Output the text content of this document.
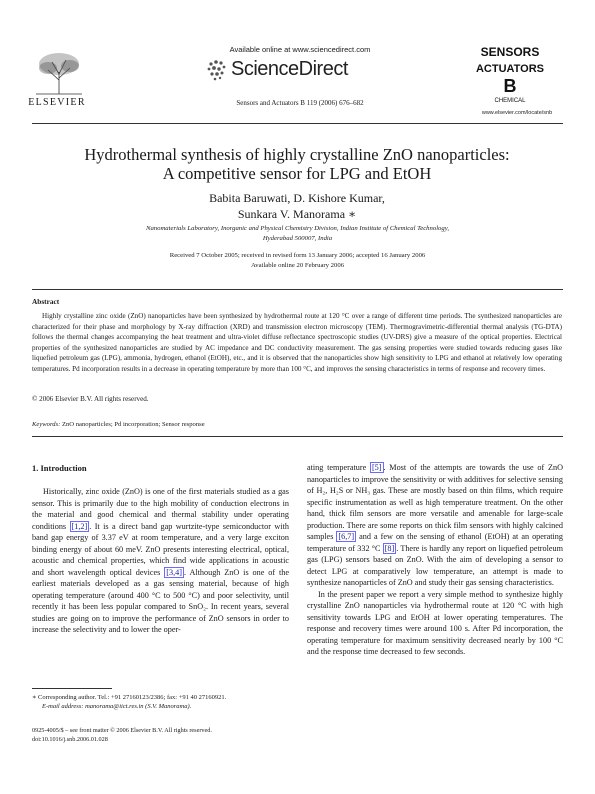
Available online at www.sciencedirect.com
ScienceDirect
Sensors and Actuators B 119 (2006) 676–682
ELSEVIER
SENSORS
ACTUATORS
B
CHEMICAL
www.elsevier.com/locate/snb
Hydrothermal synthesis of highly crystalline ZnO nanoparticles:
A competitive sensor for LPG and EtOH
Babita Baruwati, D. Kishore Kumar,
Sunkara V. Manorama ∗
Nanomaterials Laboratory, Inorganic and Physical Chemistry Division, Indian Institute of Chemical Technology,
Hyderabad 500007, India
Received 7 October 2005; received in revised form 13 January 2006; accepted 16 January 2006
Available online 20 February 2006
Abstract
Highly crystalline zinc oxide (ZnO) nanoparticles have been synthesized by hydrothermal route at 120 °C over a range of different time periods. The synthesized nanoparticles are characterized for their phase and morphology by X-ray diffraction (XRD) and transmission electron microscopy (TEM). Thermogravimetric-differential thermal analysis (TG-DTA) follows the thermal changes accompanying the heat treatment and ultra-violet diffuse reflectance spectroscopic studies (UV-DRS) give a measure of the optical properties. Electrical properties of the synthesized nanoparticles are studied by AC impedance and DC conductivity measurement. The gas sensing properties were studied towards reducing gases like liquefied petroleum gas (LPG), ammonia, hydrogen, ethanol (EtOH), etc., and it is observed that the nanoparticles show high sensitivity to LPG and ethanol at relatively low operating temperatures. Pd incorporation results in a decrease in operating temperature by more than 100 °C, and improves the sensing characteristics in terms of response and recovery times.
© 2006 Elsevier B.V. All rights reserved.
Keywords: ZnO nanoparticles; Pd incorporation; Sensor response
1. Introduction
Historically, zinc oxide (ZnO) is one of the first materials studied as a gas sensor. This is primarily due to the high mobility of conduction electrons in the material and good chemical and thermal stability under operating conditions [1,2] . It is a direct band gap wurtzite-type semiconductor with band gap energy of 3.37 eV at room temperature, and a very large exciton binding energy of about 60 meV. ZnO presents interesting electrical, optical, acoustic and chemical properties, which find wide applications in acoustic and short wavelength optical devices [3,4] . Although ZnO is one of the earliest materials developed as a gas sensing material, because of high operating temperature (around 400 °C to 500 °C) and poor selectivity, until recently it has been less popular compared to SnO₂. In recent years, several studies are going on to improve the performance of ZnO sensors in order to increase the selectivity and to lower the oper-
ating temperature [5] . Most of the attempts are towards the use of ZnO nanoparticles to improve the sensitivity or with additives for selective sensing of H₂, H₂S or NH₃ gas. These are mostly based on thin films, which require specific instrumentation as well as high temperature treatment. On the other hand, thick film sensors are more versatile and amenable for large-scale production. There are some reports on thick film sensors with highly calcined samples [6,7] and a few on the sensing of ethanol (EtOH) at an operating temperature of 332 °C [8] . There is hardly any report on liquefied petroleum gas (LPG) sensors based on ZnO. With the aim of developing a sensor to detect LPG at comparatively low temperature, an attempt is made to synthesize nanoparticles of ZnO and study their gas sensing characteristics.
In the present paper we report a very simple method to synthesize highly crystalline ZnO nanoparticles via hydrothermal route at 120 °C with high sensitivity towards LPG and EtOH at lower operating temperatures. The response and recovery times were around 100 s. After Pd incorporation, the operating temperature for maximum sensitivity decreased nearly by 100 °C and the response time decreased to few seconds.
∗ Corresponding author. Tel.: +91 27160123/2386; fax: +91 40 27160921.
E-mail address: manorama@iict.res.in (S.V. Manorama).
0925-4005/$ – see front matter © 2006 Elsevier B.V. All rights reserved.
doi:10.1016/j.snb.2006.01.028
